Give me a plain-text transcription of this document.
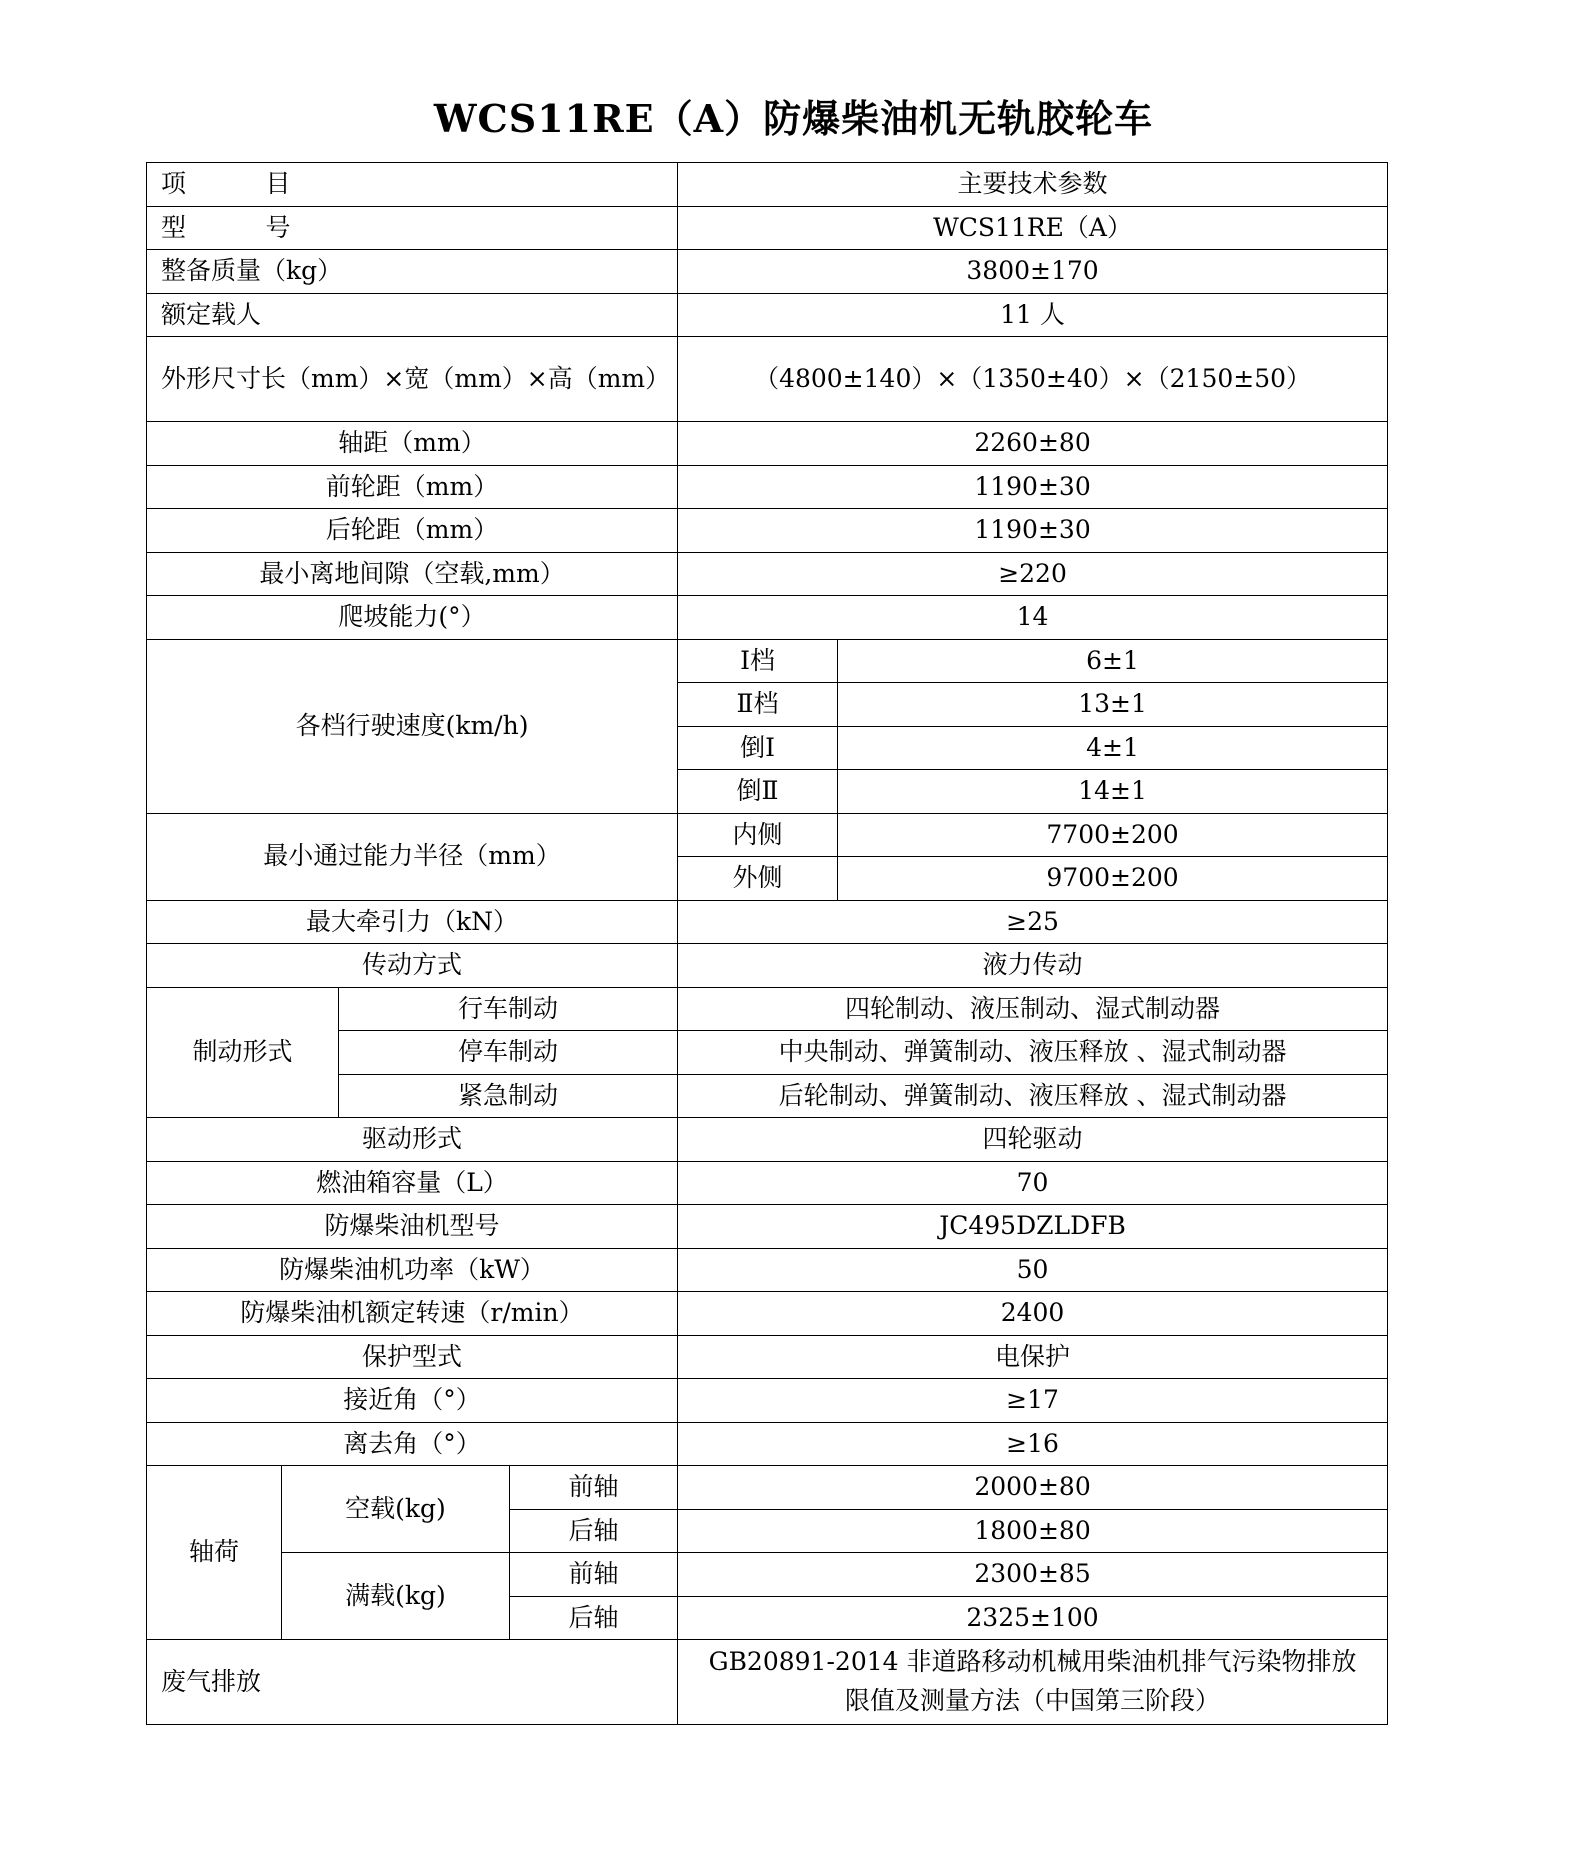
WCS11RE（A）防爆柴油机无轨胶轮车
项          目				主要技术参数	
型          号				WCS11RE（A）	
整备质量（kg）				3800±170	
额定载人				11 人	
外形尺寸长（mm）×宽（mm）×高（mm）				（4800±140）×（1350±40）×（2150±50）	
轴距（mm）				2260±80	
前轮距（mm）				1190±30	
后轮距（mm）				1190±30	
最小离地间隙（空载,mm）				≥220	
爬坡能力(°）				14	
各档行驶速度(km/h)				Ⅰ档	6±1
				Ⅱ档	13±1
				倒Ⅰ	4±1
				倒Ⅱ	14±1
最小通过能力半径（mm）				内侧	7700±200
				外侧	9700±200
最大牵引力（kN）				≥25	
传动方式				液力传动	
制动形式		行车制动		四轮制动、液压制动、湿式制动器	
		停车制动		中央制动、弹簧制动、液压释放 、湿式制动器	
		紧急制动		后轮制动、弹簧制动、液压释放 、湿式制动器	
驱动形式				四轮驱动	
燃油箱容量（L）				70	
防爆柴油机型号				JC495DZLDFB	
防爆柴油机功率（kW）				50	
防爆柴油机额定转速（r/min）				2400	
保护型式				电保护	
接近角（°）				≥17	
离去角（°）				≥16	
轴荷	空载(kg)		前轴	2000±80	
			后轴	1800±80	
	满载(kg)		前轴	2300±85	
			后轴	2325±100	
废气排放				GB20891-2014 非道路移动机械用柴油机排气污染物排放限值及测量方法（中国第三阶段）	
